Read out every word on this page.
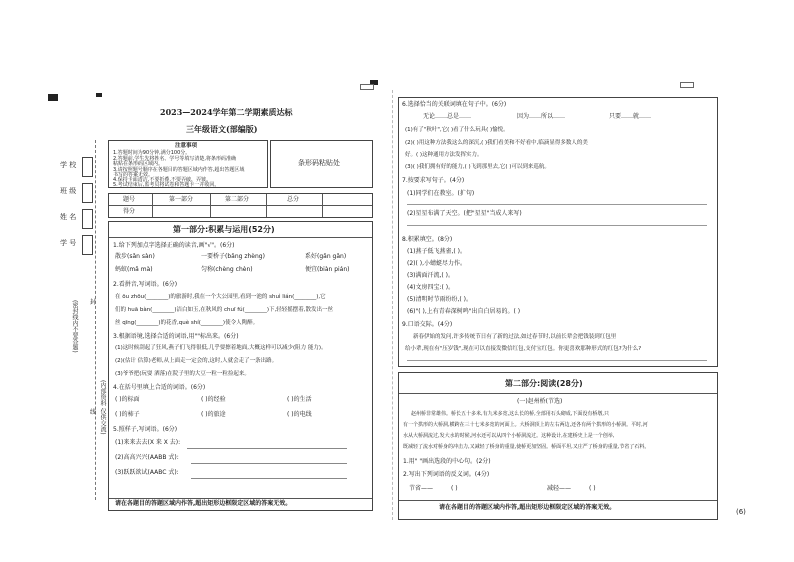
学 校
班 级
姓 名
学 号
(密封线内不要答题)
(内部资料 仅供交流)
封
线
2023—2024学年第二学期素质达标
三年级语文(部编版)
注意事项
1.答题时间为90分钟,满分100分。
2.答题前,学生先将姓名、学号等填写清楚,将条形码准确
粘贴在条形码区域内。
3.请按照题号顺序在各题目的答题区域内作答,超出答题区域
书写的答案无效。
4.保持卡面清洁,不要折叠,不要弄破、弄皱。
5.考试结束后,监考员将试卷和答题卡一并收回。
条形码粘贴处
题号	第一部分	第二部分	总分
得分
第一部分:积累与运用(52分)
1.给下列加点字选择正确的读音,画"√"。(6分)
散步(sǎn sàn)	一要桥子(bǎng zhèng)	系好(gǎn gǎn)
蚂蚁(mǎ mà)	匀称(chèng chèn)	便宜(biàn pián)
2.看拼音,写词语。(6分)
在 ōu zhōu(________)的旅游时,我在一个大公园里,看到一池的 shuì lián(________),它
们的 huā bàn(________)洁白如玉,在秋风的 chuī fú(________)下,轻轻摇摆着,散发出一丝
丝 qīng(________)的花香,què shí(________)使令人陶醉。
3.根据语境,选择合适的词语,用""标出来。(6分)
(1)这时候刮起了狂风,燕子们飞得很低,几乎要擦着地面,大概这样可以减少(阻力 能力)。
(2)(估计 估算)老师,从上面走一定会的,这时,人就会走了一条出路。
(3)爷爷把(玩耍 洒落)在院子里的大豆一粒一粒捡起来。
4.在括号里填上合适的词语。(6分)
( )的标面	( )的经验	( )的生活
( )的柿子	( )的旅途	( )的电线
5.照样子,写词语。(6分)
(1)来来去去(X 来 X 去):
(2)高高兴兴(AABB 式):
(3)跃跃欲试(AABC 式):
请在各题目的答题区域内作答,超出矩形边框限定区域的答案无效。
6.选择恰当的关联词填在句子中。(6分)
无论……总是……	因为……所以……	只要……就……
(1)有了"秋叶",它( )看了什么玩具( )愉悦。
(2)( )用这种方法我这么的深沉,( )我们看美和不好看中,临滴显得多数人的美
好。( )这种通用方法发挥实力。
(3)( )我们拥有好的能力,( )飞到那里去,它( )可以到来巡航。
7.按要求写句子。(4分)
(1)同学们在教室。(扩句)
(2)星星布满了天空。(把"星星"当成人来写)
8.积累填空。(8分)
(1)燕子低飞燕雀,( )。
(2)( ),小蜻蜓尽力作。
(3)满面汗流,( )。
(4)文房四宝:( )。
(5)清明时节雨纷纷,( )。
(6)"( ),上有青春深树鸣"出自白居易的。( )
9.口语交际。(4分)
新春伊始的发问,许多传统节日有了新的过法,如过春节时,以前长辈会把钱装到红包里
给小辈,现在有"压岁钱",现在可以直接发微信红包,支付宝红包。你更喜欢那种形式的红包?为什么?
第二部分:阅读(28分)
(一)赵州桥(节选)
赵州桥非常雄伟。桥长五十多米,有九米多宽,这么长的桥,全部用石头砌成,下面没有桥墩,只
有一个拱形的大桥洞,横跨在三十七米多宽的河面上。大桥洞顶上的左右两边,还各有两个拱形的小桥洞。平时,河
水从大桥洞流过,发大水的时候,河水还可以从四个小桥洞流过。这种设计,在建桥史上是一个创举,
既减轻了流水对桥身的冲击力,又减轻了桥身的重量,使桥更加坚固。桥面平坦,又庄严了桥身的重量,节省了石料。
1.用" "画出选段的中心句。(2分)
2.写出下列词语的反义词。(4分)
节省——	( )	减轻——	( )
请在各题目的答题区域内作答,超出矩形边框限定区域的答案无效。
(6)
